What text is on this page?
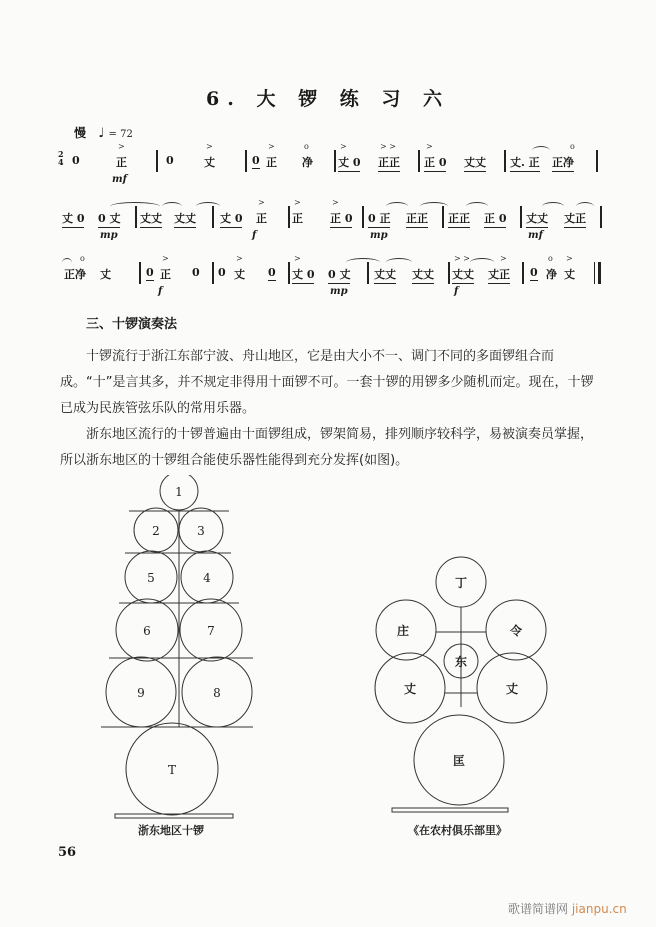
6. 大 锣 练 习 六
慢 ♩ = 72
2
4 0
>
正
mf
0
>
丈	0
>
正
o
净
>
丈 0
> >
正正
>
正 0 丈丈 丈. 正
o
正净
丈 0 0 丈
mp
丈丈 丈丈 丈 0
>
正
f
>
正
>
正 0 0 正
mp
正正 正正 正 0 丈丈
mf
丈正
o
正净 丈	0
>
正
f
0 0
>
丈 0
>
丈 0 0 丈
mp
丈丈 丈丈
> >
丈丈
f
>
丈正 0
o
净
>
丈
三、十锣演奏法
十锣流行于浙江东部宁波、舟山地区，它是由大小不一、调门不同的多面锣组合而成。“十”是言其多，并不规定非得用十面锣不可。一套十锣的用锣多少随机而定。现在，十锣已成为民族管弦乐队的常用乐器。
浙东地区流行的十锣普遍由十面锣组成，锣架简易，排列顺序较科学，易被演奏员掌握，所以浙东地区的十锣组合能使乐器性能得到充分发挥(如图)。
1
2	3
5	4
6	7
9	8
T
浙东地区十锣
丁
庄	令
东
丈	丈
匡
《在农村俱乐部里》
56
歌谱简谱网 jianpu.cn
